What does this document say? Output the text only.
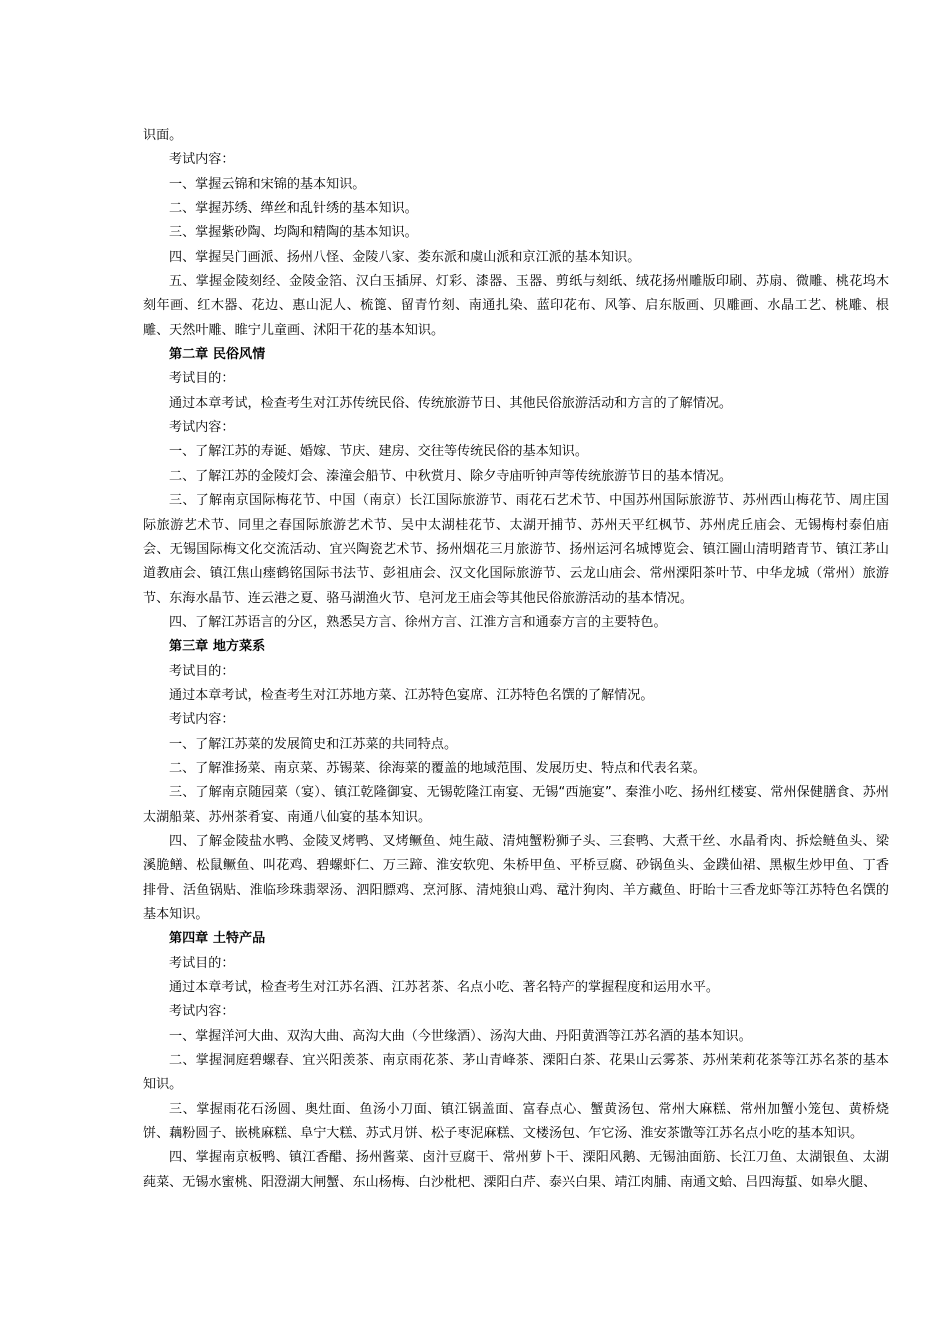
识面。

考试内容：

一、掌握云锦和宋锦的基本知识。

二、掌握苏绣、缂丝和乱针绣的基本知识。

三、掌握紫砂陶、均陶和精陶的基本知识。

四、掌握吴门画派、扬州八怪、金陵八家、娄东派和虞山派和京江派的基本知识。

五、掌握金陵刻经、金陵金箔、汉白玉插屏、灯彩、漆器、玉器、剪纸与刻纸、绒花扬州雕版印刷、苏扇、微雕、桃花坞木刻年画、红木器、花边、惠山泥人、梳篦、留青竹刻、南通扎染、蓝印花布、风筝、启东版画、贝雕画、水晶工艺、桃雕、根雕、天然叶雕、睢宁儿童画、沭阳干花的基本知识。

第二章 民俗风情

考试目的：

通过本章考试，检查考生对江苏传统民俗、传统旅游节日、其他民俗旅游活动和方言的了解情况。

考试内容：

一、了解江苏的寿诞、婚嫁、节庆、建房、交往等传统民俗的基本知识。

二、了解江苏的金陵灯会、溱潼会船节、中秋赏月、除夕寺庙听钟声等传统旅游节日的基本情况。

三、了解南京国际梅花节、中国（南京）长江国际旅游节、雨花石艺术节、中国苏州国际旅游节、苏州西山梅花节、周庄国际旅游艺术节、同里之春国际旅游艺术节、吴中太湖桂花节、太湖开捕节、苏州天平红枫节、苏州虎丘庙会、无锡梅村泰伯庙会、无锡国际梅文化交流活动、宜兴陶瓷艺术节、扬州烟花三月旅游节、扬州运河名城博览会、镇江圌山清明踏青节、镇江茅山道教庙会、镇江焦山瘗鹤铭国际书法节、彭祖庙会、汉文化国际旅游节、云龙山庙会、常州溧阳茶叶节、中华龙城（常州）旅游节、东海水晶节、连云港之夏、骆马湖渔火节、皂河龙王庙会等其他民俗旅游活动的基本情况。

四、了解江苏语言的分区，熟悉吴方言、徐州方言、江淮方言和通泰方言的主要特色。

第三章 地方菜系

考试目的：

通过本章考试，检查考生对江苏地方菜、江苏特色宴席、江苏特色名馔的了解情况。

考试内容：

一、了解江苏菜的发展简史和江苏菜的共同特点。

二、了解淮扬菜、南京菜、苏锡菜、徐海菜的覆盖的地域范围、发展历史、特点和代表名菜。

三、了解南京随园菜（宴）、镇江乾隆御宴、无锡乾隆江南宴、无锡“西施宴”、秦淮小吃、扬州红楼宴、常州保健膳食、苏州太湖船菜、苏州茶肴宴、南通八仙宴的基本知识。

四、了解金陵盐水鸭、金陵叉烤鸭、叉烤鳜鱼、炖生敲、清炖蟹粉狮子头、三套鸭、大煮干丝、水晶肴肉、拆烩鲢鱼头、梁溪脆鳝、松鼠鳜鱼、叫花鸡、碧螺虾仁、万三蹄、淮安软兜、朱桥甲鱼、平桥豆腐、砂锅鱼头、金蹼仙裙、黑椒生炒甲鱼、丁香排骨、活鱼锅贴、淮临珍珠翡翠汤、泗阳膘鸡、烹河豚、清炖狼山鸡、鼋汁狗肉、羊方藏鱼、盱眙十三香龙虾等江苏特色名馔的基本知识。

第四章 土特产品

考试目的：

通过本章考试，检查考生对江苏名酒、江苏茗茶、名点小吃、著名特产的掌握程度和运用水平。

考试内容：

一、掌握洋河大曲、双沟大曲、高沟大曲（今世缘酒）、汤沟大曲、丹阳黄酒等江苏名酒的基本知识。

二、掌握洞庭碧螺春、宜兴阳羡茶、南京雨花茶、茅山青峰茶、溧阳白茶、花果山云雾茶、苏州茉莉花茶等江苏名茶的基本知识。

三、掌握雨花石汤圆、奥灶面、鱼汤小刀面、镇江锅盖面、富春点心、蟹黄汤包、常州大麻糕、常州加蟹小笼包、黄桥烧饼、藕粉圆子、嵌桃麻糕、阜宁大糕、苏式月饼、松子枣泥麻糕、文楼汤包、乍它汤、淮安茶馓等江苏名点小吃的基本知识。

四、掌握南京板鸭、镇江香醋、扬州酱菜、卤汁豆腐干、常州萝卜干、溧阳风鹅、无锡油面筋、长江刀鱼、太湖银鱼、太湖莼菜、无锡水蜜桃、阳澄湖大闸蟹、东山杨梅、白沙枇杷、溧阳白芹、泰兴白果、靖江肉脯、南通文蛤、吕四海蜇、如皋火腿、
